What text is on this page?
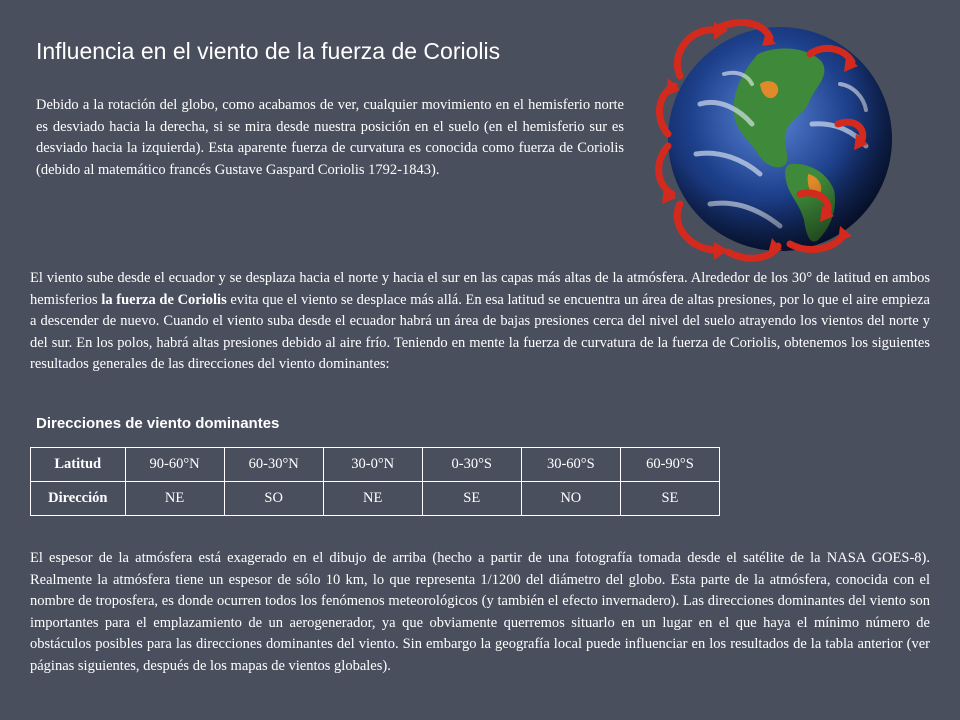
Influencia en el viento de la fuerza de Coriolis
Debido a la rotación del globo, como acabamos de ver, cualquier movimiento en el hemisferio norte es desviado hacia la derecha, si se mira desde nuestra posición en el suelo (en el hemisferio sur es desviado hacia la izquierda). Esta aparente fuerza de curvatura es conocida como fuerza de Coriolis (debido al matemático francés Gustave Gaspard Coriolis 1792-1843).
El viento sube desde el ecuador y se desplaza hacia el norte y hacia el sur en las capas más altas de la atmósfera. Alrededor de los 30° de latitud en ambos hemisferios la fuerza de Coriolis evita que el viento se desplace más allá. En esa latitud se encuentra un área de altas presiones, por lo que el aire empieza a descender de nuevo. Cuando el viento suba desde el ecuador habrá un área de bajas presiones cerca del nivel del suelo atrayendo los vientos del norte y del sur. En los polos, habrá altas presiones debido al aire frío. Teniendo en mente la fuerza de curvatura de la fuerza de Coriolis, obtenemos los siguientes resultados generales de las direcciones del viento dominantes:
Direcciones de viento dominantes
Latitud	90-60°N	60-30°N	30-0°N	0-30°S	30-60°S	60-90°S
Dirección	NE	SO	NE	SE	NO	SE
El espesor de la atmósfera está exagerado en el dibujo de arriba (hecho a partir de una fotografía tomada desde el satélite de la NASA GOES-8). Realmente la atmósfera tiene un espesor de sólo 10 km, lo que representa 1/1200 del diámetro del globo. Esta parte de la atmósfera, conocida con el nombre de troposfera, es donde ocurren todos los fenómenos meteorológicos (y también el efecto invernadero). Las direcciones dominantes del viento son importantes para el emplazamiento de un aerogenerador, ya que obviamente querremos situarlo en un lugar en el que haya el mínimo número de obstáculos posibles para las direcciones dominantes del viento. Sin embargo la geografía local puede influenciar en los resultados de la tabla anterior (ver páginas siguientes, después de los mapas de vientos globales).
